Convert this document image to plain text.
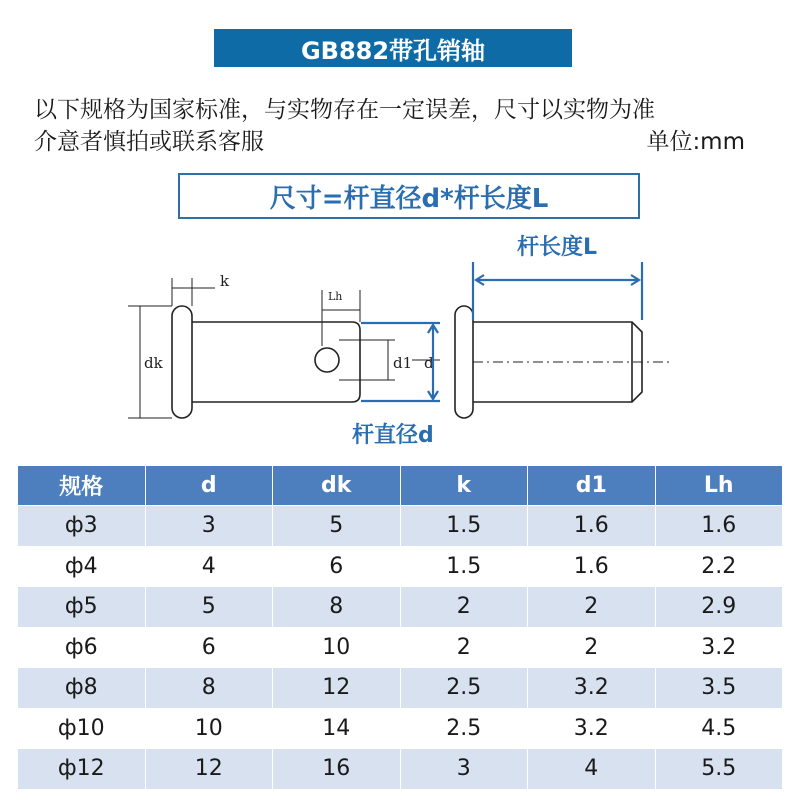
GB882带孔销轴
以下规格为国家标准，与实物存在一定误差，尺寸以实物为准
介意者慎拍或联系客服	单位:mm
尺寸=杆直径d*杆长度L
k
Lh
dk	d1 d
杆长度L
杆直径d
规格	d	dk	k	d1	Lh
ф3	3	5	1.5	1.6	1.6
ф4	4	6	1.5	1.6	2.2
ф5	5	8	2	2	2.9
ф6	6	10	2	2	3.2
ф8	8	12	2.5	3.2	3.5
ф10	10	14	2.5	3.2	4.5
ф12	12	16	3	4	5.5
